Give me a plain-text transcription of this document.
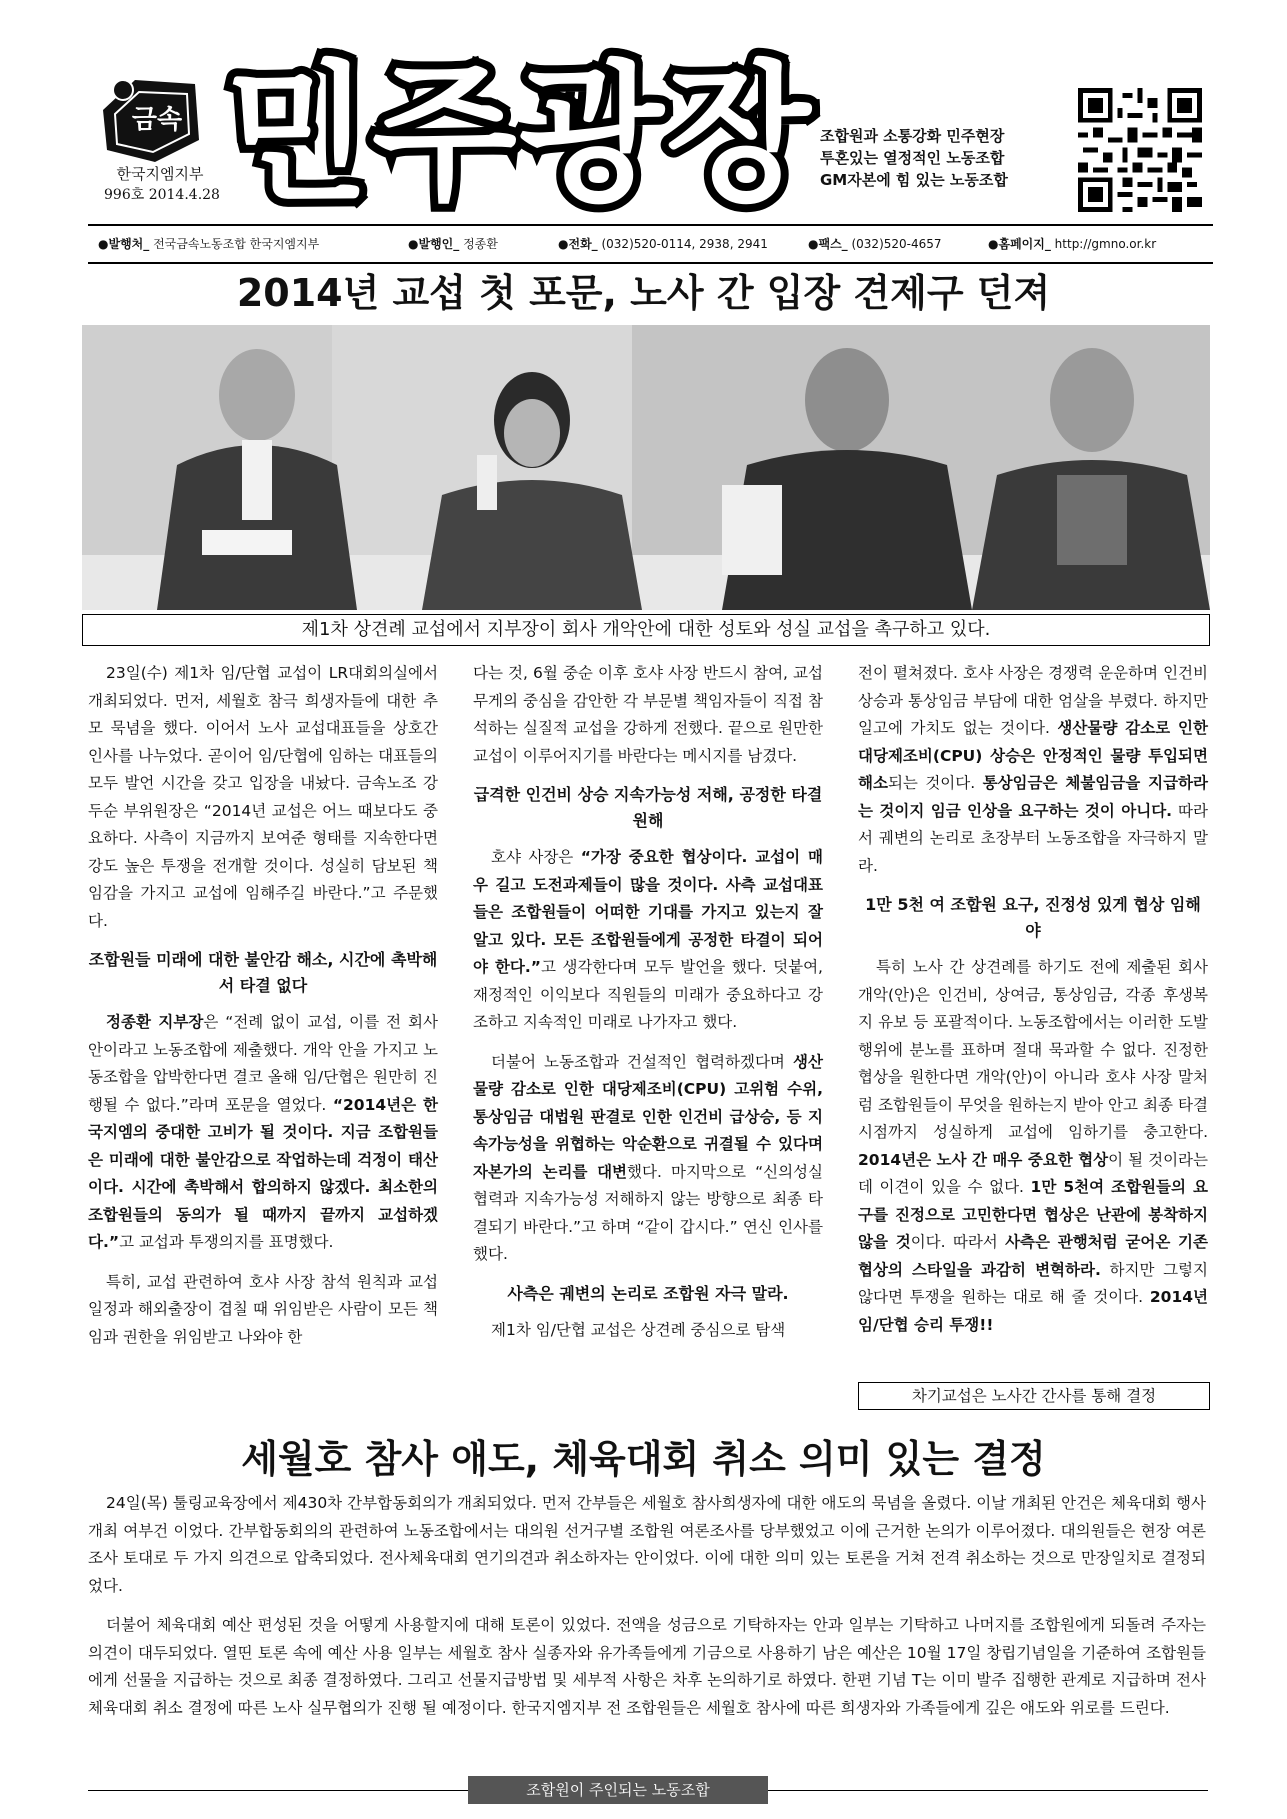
금속
한국지엠지부
996호 2014.4.28 민주광장 조합원과 소통강화 민주현장
투혼있는 열정적인 노동조합
GM자본에 힘 있는 노동조합
●발행처_ 전국금속노동조합 한국지엠지부	●발행인_ 정종환	●전화_ (032)520-0114, 2938, 2941	●팩스_ (032)520-4657	●홈페이지_ http://gmno.or.kr
2014년 교섭 첫 포문, 노사 간 입장 견제구 던져
제1차 상견례 교섭에서 지부장이 회사 개악안에 대한 성토와 성실 교섭을 촉구하고 있다.

23일(수) 제1차 임/단협 교섭이 LR대회의실에서 개최되었다. 먼저, 세월호 참극 희생자들에 대한 추모 묵념을 했다. 이어서 노사 교섭대표들을 상호간 인사를 나누었다. 곧이어 임/단협에 임하는 대표들의 모두 발언 시간을 갖고 입장을 내놨다. 금속노조 강두순 부위원장은 “2014년 교섭은 어느 때보다도 중요하다. 사측이 지금까지 보여준 형태를 지속한다면 강도 높은 투쟁을 전개할 것이다. 성실히 담보된 책임감을 가지고 교섭에 임해주길 바란다.”고 주문했다.

조합원들 미래에 대한 불안감 해소, 시간에 촉박해서 타결 없다

정종환 지부장은 “전례 없이 교섭, 이를 전 회사 안이라고 노동조합에 제출했다. 개악 안을 가지고 노동조합을 압박한다면 결코 올해 임/단협은 원만히 진행될 수 없다.”라며 포문을 열었다. “2014년은 한국지엠의 중대한 고비가 될 것이다. 지금 조합원들은 미래에 대한 불안감으로 작업하는데 걱정이 태산이다. 시간에 촉박해서 합의하지 않겠다. 최소한의 조합원들의 동의가 될 때까지 끝까지 교섭하겠다.”고 교섭과 투쟁의지를 표명했다.

특히, 교섭 관련하여 호샤 사장 참석 원칙과 교섭일정과 해외출장이 겹칠 때 위임받은 사람이 모든 책임과 권한을 위임받고 나와야 한

다는 것, 6월 중순 이후 호샤 사장 반드시 참여, 교섭 무게의 중심을 감안한 각 부문별 책임자들이 직접 참석하는 실질적 교섭을 강하게 전했다. 끝으로 원만한 교섭이 이루어지기를 바란다는 메시지를 남겼다.

급격한 인건비 상승 지속가능성 저해, 공정한 타결 원해

호샤 사장은 “가장 중요한 협상이다. 교섭이 매우 길고 도전과제들이 많을 것이다. 사측 교섭대표들은 조합원들이 어떠한 기대를 가지고 있는지 잘 알고 있다. 모든 조합원들에게 공정한 타결이 되어야 한다.”고 생각한다며 모두 발언을 했다. 덧붙여, 재정적인 이익보다 직원들의 미래가 중요하다고 강조하고 지속적인 미래로 나가자고 했다.

더불어 노동조합과 건설적인 협력하겠다며 생산물량 감소로 인한 대당제조비(CPU) 고위험 수위, 통상임금 대법원 판결로 인한 인건비 급상승, 등 지속가능성을 위협하는 악순환으로 귀결될 수 있다며 자본가의 논리를 대변했다. 마지막으로 “신의성실 협력과 지속가능성 저해하지 않는 방향으로 최종 타결되기 바란다.”고 하며 “같이 갑시다.” 연신 인사를 했다.

사측은 궤변의 논리로 조합원 자극 말라.

제1차 임/단협 교섭은 상견례 중심으로 탐색

전이 펼쳐졌다. 호샤 사장은 경쟁력 운운하며 인건비 상승과 통상임금 부담에 대한 엄살을 부렸다. 하지만 일고에 가치도 없는 것이다. 생산물량 감소로 인한 대당제조비(CPU) 상승은 안정적인 물량 투입되면 해소되는 것이다. 통상임금은 체불임금을 지급하라는 것이지 임금 인상을 요구하는 것이 아니다. 따라서 궤변의 논리로 초장부터 노동조합을 자극하지 말라.

1만 5천 여 조합원 요구, 진정성 있게 협상 임해야

특히 노사 간 상견례를 하기도 전에 제출된 회사 개악(안)은 인건비, 상여금, 통상임금, 각종 후생복지 유보 등 포괄적이다. 노동조합에서는 이러한 도발 행위에 분노를 표하며 절대 묵과할 수 없다. 진정한 협상을 원한다면 개악(안)이 아니라 호샤 사장 말처럼 조합원들이 무엇을 원하는지 받아 안고 최종 타결 시점까지 성실하게 교섭에 임하기를 충고한다. 2014년은 노사 간 매우 중요한 협상이 될 것이라는데 이견이 있을 수 없다. 1만 5천여 조합원들의 요구를 진정으로 고민한다면 협상은 난관에 봉착하지 않을 것이다. 따라서 사측은 관행처럼 굳어온 기존협상의 스타일을 과감히 변혁하라. 하지만 그렇지 않다면 투쟁을 원하는 대로 해 줄 것이다. 2014년 임/단협 승리 투쟁!!

차기교섭은 노사간 간사를 통해 결정
세월호 참사 애도, 체육대회 취소 의미 있는 결정

24일(목) 툴링교육장에서 제430차 간부합동회의가 개최되었다. 먼저 간부들은 세월호 참사희생자에 대한 애도의 묵념을 올렸다. 이날 개최된 안건은 체육대회 행사 개최 여부건 이었다. 간부합동회의의 관련하여 노동조합에서는 대의원 선거구별 조합원 여론조사를 당부했었고 이에 근거한 논의가 이루어졌다. 대의원들은 현장 여론 조사 토대로 두 가지 의견으로 압축되었다. 전사체육대회 연기의견과 취소하자는 안이었다. 이에 대한 의미 있는 토론을 거쳐 전격 취소하는 것으로 만장일치로 결정되었다.

더불어 체육대회 예산 편성된 것을 어떻게 사용할지에 대해 토론이 있었다. 전액을 성금으로 기탁하자는 안과 일부는 기탁하고 나머지를 조합원에게 되돌려 주자는 의견이 대두되었다. 열띤 토론 속에 예산 사용 일부는 세월호 참사 실종자와 유가족들에게 기금으로 사용하기 남은 예산은 10월 17일 창립기념일을 기준하여 조합원들에게 선물을 지급하는 것으로 최종 결정하였다. 그리고 선물지급방법 및 세부적 사항은 차후 논의하기로 하였다. 한편 기념 T는 이미 발주 집행한 관계로 지급하며 전사체육대회 취소 결정에 따른 노사 실무협의가 진행 될 예정이다. 한국지엠지부 전 조합원들은 세월호 참사에 따른 희생자와 가족들에게 깊은 애도와 위로를 드린다.

조합원이 주인되는 노동조합
